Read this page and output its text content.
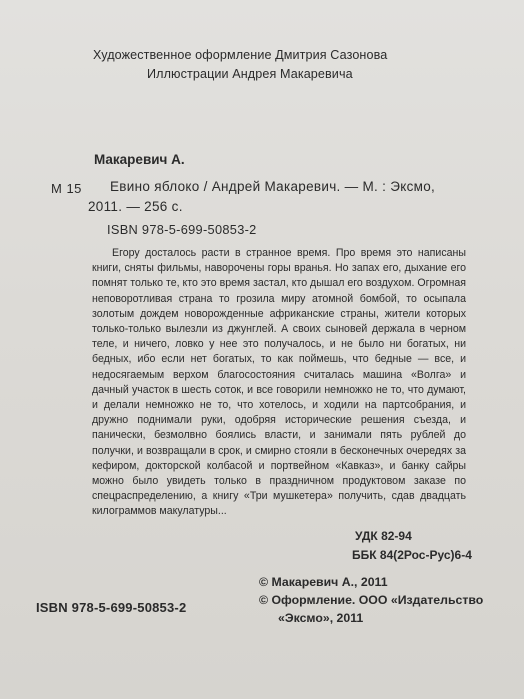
Художественное оформление Дмитрия Сазонова
Иллюстрации Андрея Макаревича
Макаревич А.
М 15 Евино яблоко / Андрей Макаревич. — М. : Эксмо,
2011. — 256 с.
ISBN 978-5-699-50853-2

Егору досталось расти в странное время. Про время это написаны книги, сняты фильмы, наворочены горы вранья. Но запах его, дыхание его помнят только те, кто это время застал, кто дышал его воздухом. Огромная неповоротливая страна то грозила миру атомной бомбой, то осыпала золотым дождем новорожденные африканские страны, жители которых только-только вылезли из джунглей. А своих сыновей держала в черном теле, и ничего, ловко у нее это получалось, и не было ни богатых, ни бедных, ибо если нет богатых, то как поймешь, что бедные — все, и недосягаемым верхом благосостояния считалась машина «Волга» и дачный участок в шесть соток, и все говорили немножко не то, что думают, и делали немножко не то, что хотелось, и ходили на партсобрания, и дружно поднимали руки, одобряя исторические решения съезда, и панически, безмолвно боялись власти, и занимали пять рублей до получки, и возвращали в срок, и смирно стояли в бесконечных очередях за кефиром, докторской колбасой и портвейном «Кавказ», и банку сайры можно было увидеть только в праздничном продуктовом заказе по спецраспределению, а книгу «Три мушкетера» получить, сдав двадцать килограммов макулатуры...

УДК 82-94
ББК 84(2Рос-Рус)6-4
ISBN 978-5-699-50853-2
© Макаревич А., 2011
© Оформление. ООО «Издательство
«Эксмо», 2011
